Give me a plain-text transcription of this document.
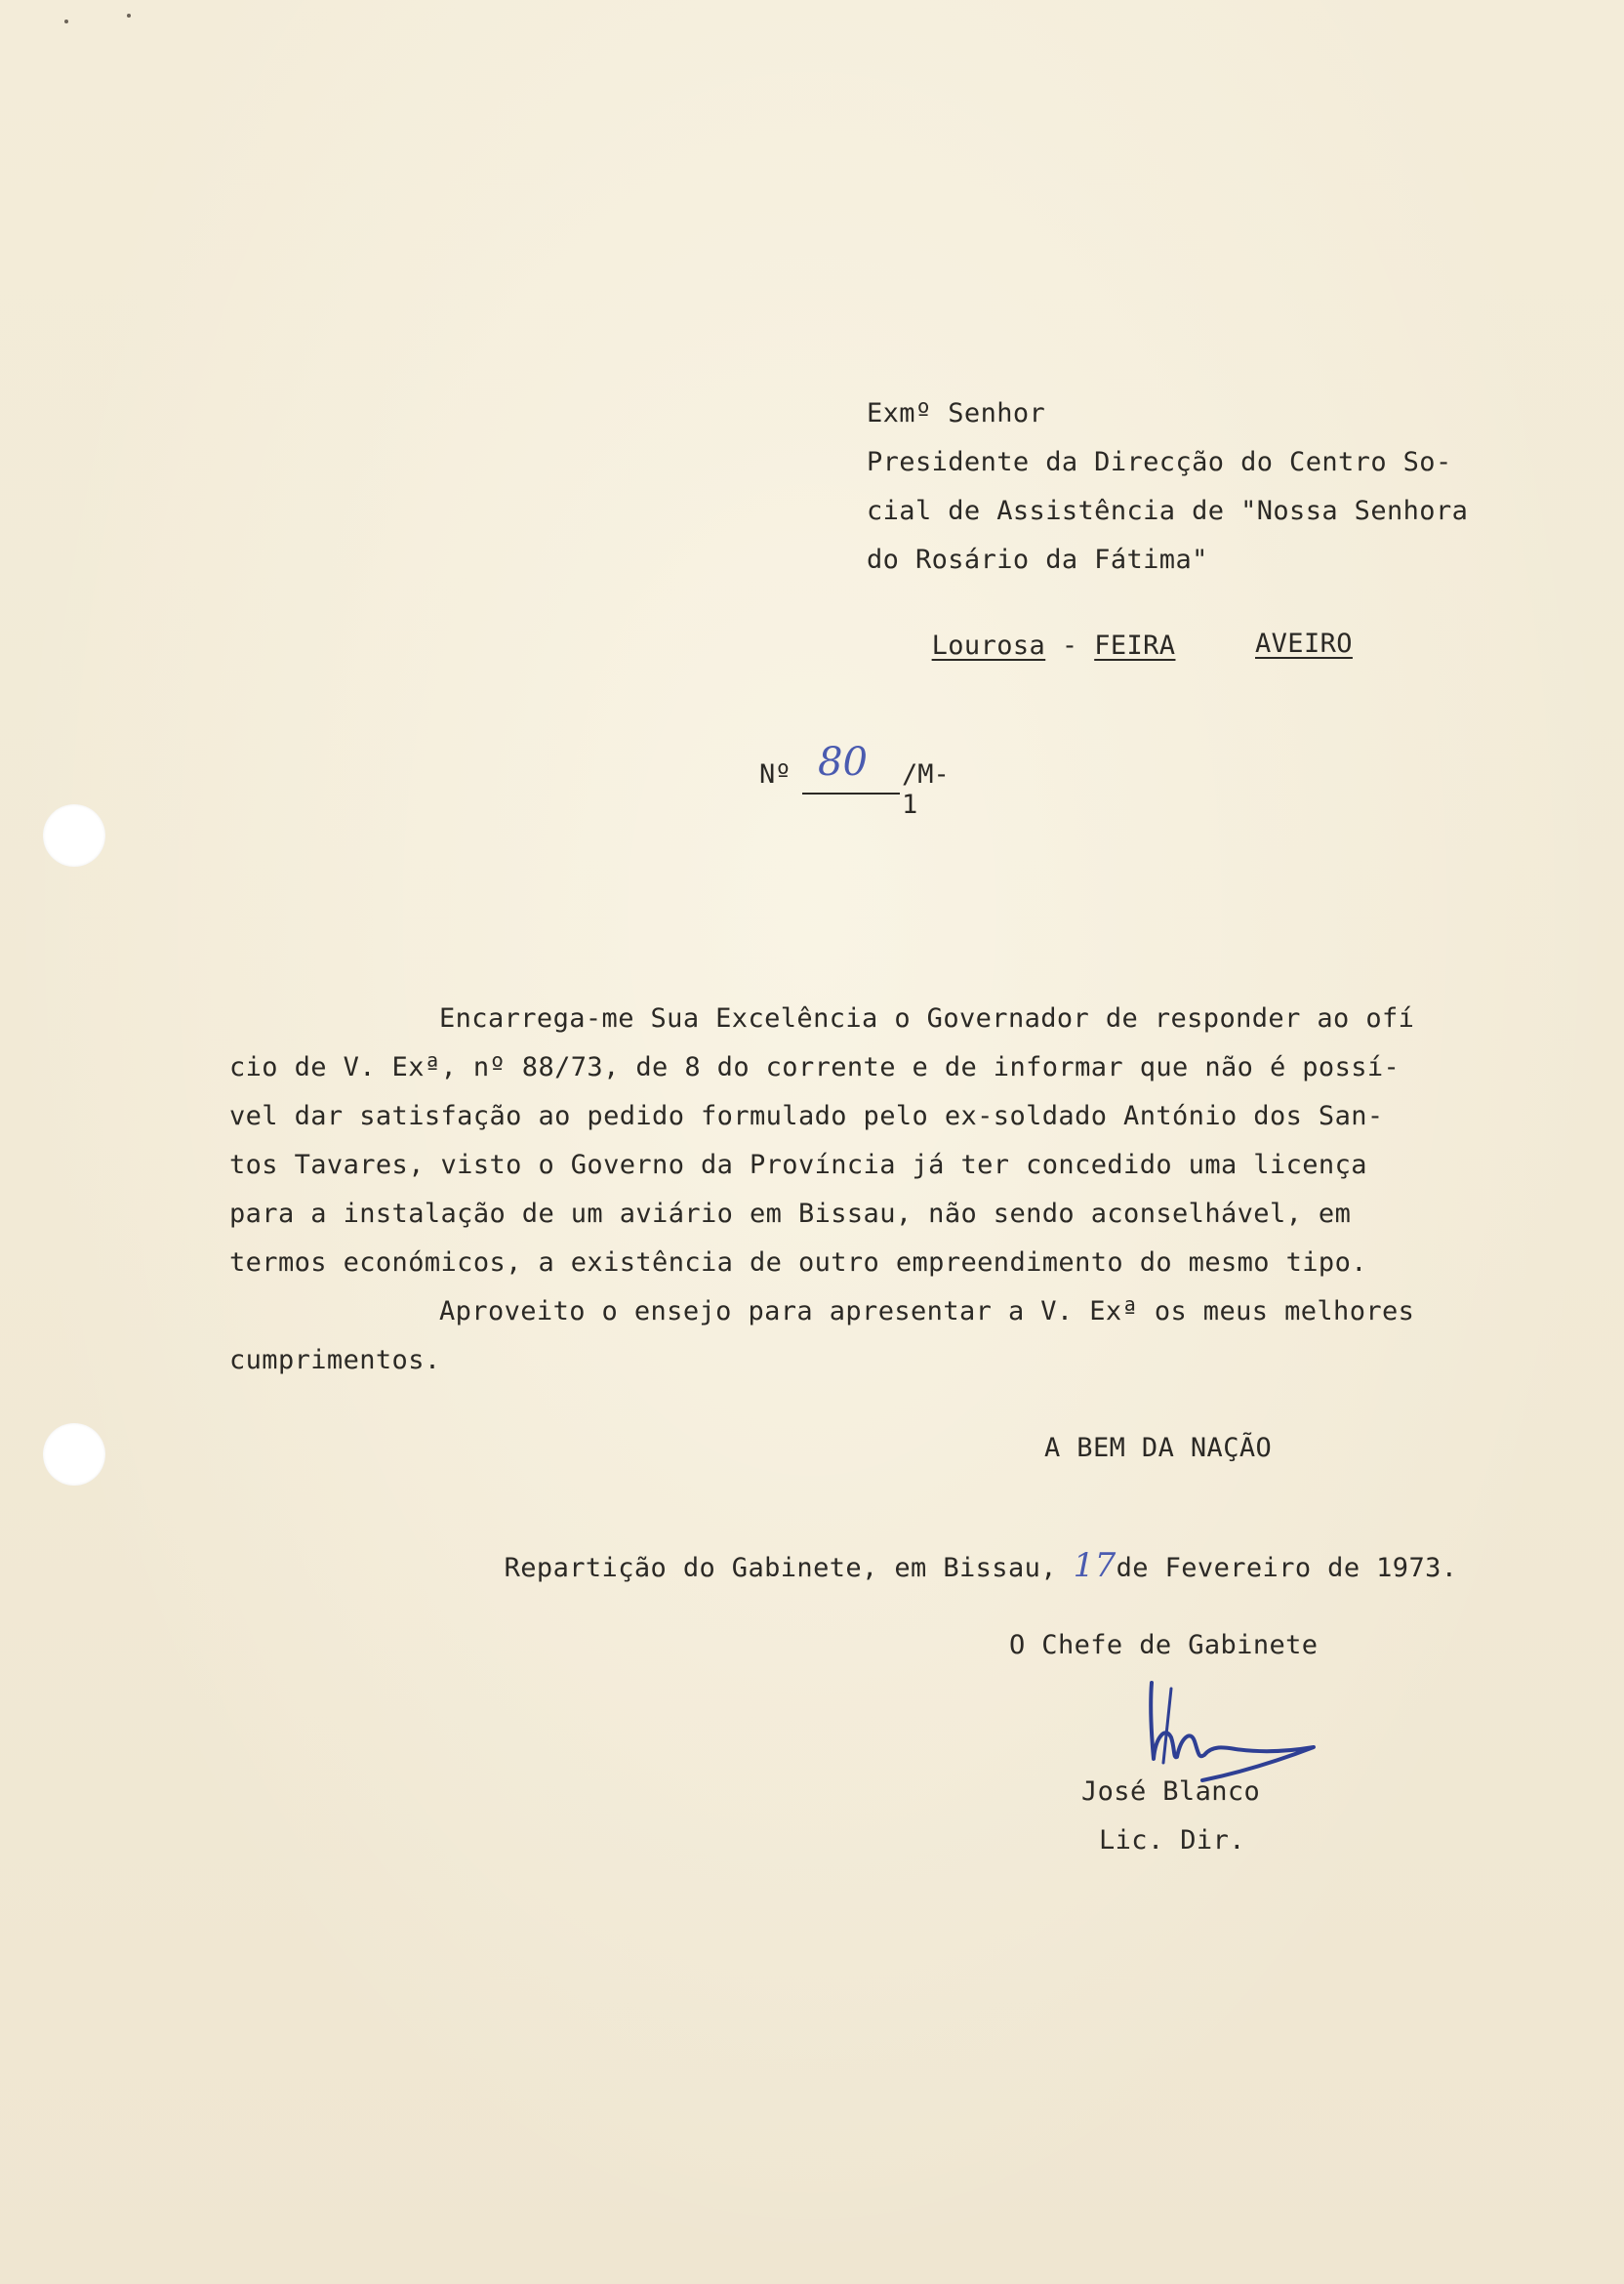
Exmº Senhor
Presidente da Direcção do Centro So-
cial de Assistência de "Nossa Senhora
do Rosário da Fátima"

Lourosa - FEIRA
	AVEIRO
Nº 80 /M-1
Encarrega-me Sua Excelência o Governador de responder ao ofí
cio de V. Exª, nº 88/73, de 8 do corrente e de informar que não é possí-
vel dar satisfação ao pedido formulado pelo ex-soldado António dos San-
tos Tavares, visto o Governo da Província já ter concedido uma licença
para a instalação de um aviário em Bissau, não sendo aconselhável, em
termos económicos, a existência de outro empreendimento do mesmo tipo.
Aproveito o ensejo para apresentar a V. Exª os meus melhores
cumprimentos.
A BEM DA NAÇÃO

Repartição do Gabinete, em Bissau, 17de Fevereiro de 1973.

O Chefe de Gabinete
José Blanco
Lic. Dir.
